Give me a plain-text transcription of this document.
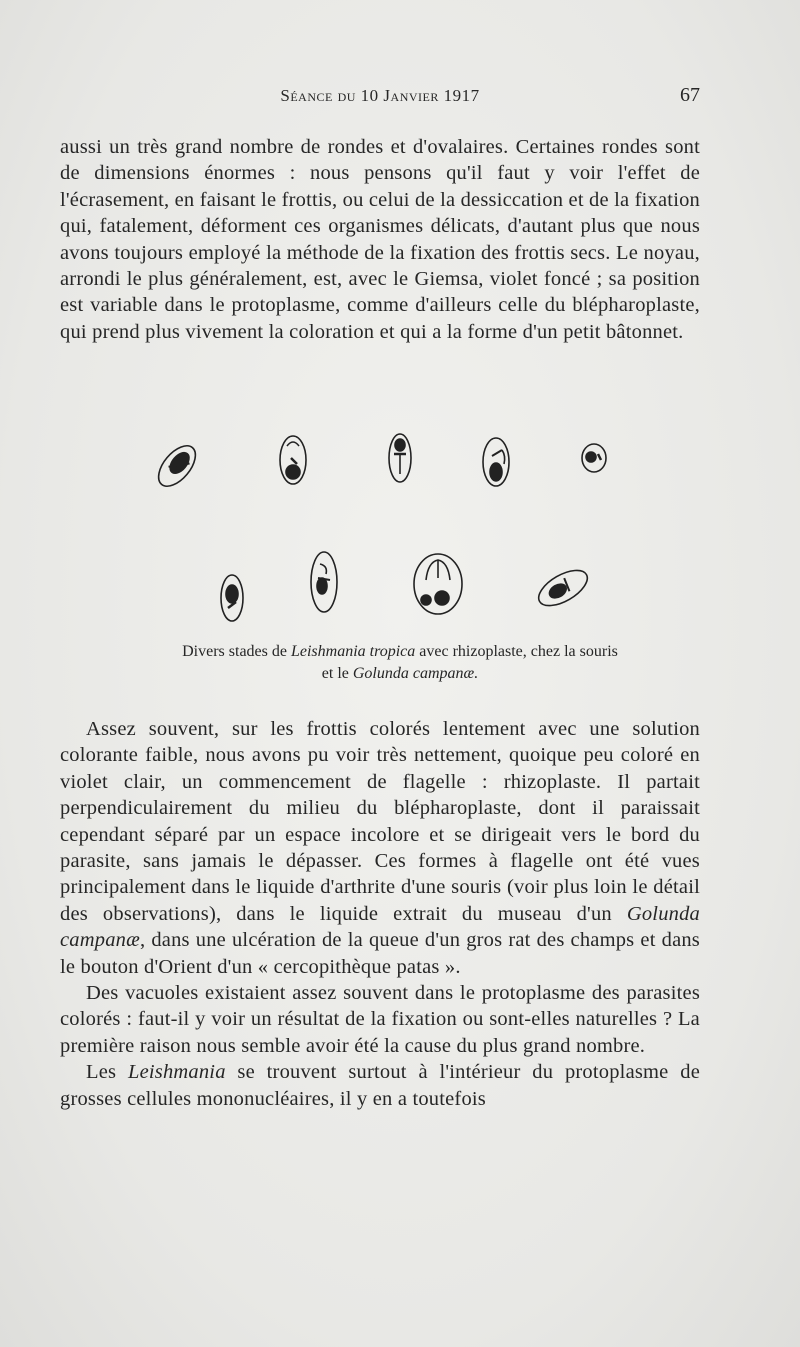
Séance du 10 Janvier 1917	67

aussi un très grand nombre de rondes et d'ovalaires. Certaines rondes sont de dimensions énormes : nous pensons qu'il faut y voir l'effet de l'écrasement, en faisant le frottis, ou celui de la dessiccation et de la fixation qui, fatalement, déforment ces organismes délicats, d'autant plus que nous avons toujours employé la méthode de la fixation des frottis secs. Le noyau, arrondi le plus généralement, est, avec le Giemsa, violet foncé ; sa position est variable dans le protoplasme, comme d'ailleurs celle du blépharoplaste, qui prend plus vivement la coloration et qui a la forme d'un petit bâtonnet.

Divers stades de Leishmania tropica avec rhizoplaste, chez la souris
et le Golunda campanæ.

Assez souvent, sur les frottis colorés lentement avec une solution colorante faible, nous avons pu voir très nettement, quoique peu coloré en violet clair, un commencement de flagelle : rhizoplaste. Il partait perpendiculairement du milieu du blépharoplaste, dont il paraissait cependant séparé par un espace incolore et se dirigeait vers le bord du parasite, sans jamais le dépasser. Ces formes à flagelle ont été vues principalement dans le liquide d'arthrite d'une souris (voir plus loin le détail des observations), dans le liquide extrait du museau d'un Golunda campanæ, dans une ulcération de la queue d'un gros rat des champs et dans le bouton d'Orient d'un « cercopithèque patas ».

Des vacuoles existaient assez souvent dans le protoplasme des parasites colorés : faut-il y voir un résultat de la fixation ou sont-elles naturelles ? La première raison nous semble avoir été la cause du plus grand nombre.

Les Leishmania se trouvent surtout à l'intérieur du protoplasme de grosses cellules mononucléaires, il y en a toutefois
